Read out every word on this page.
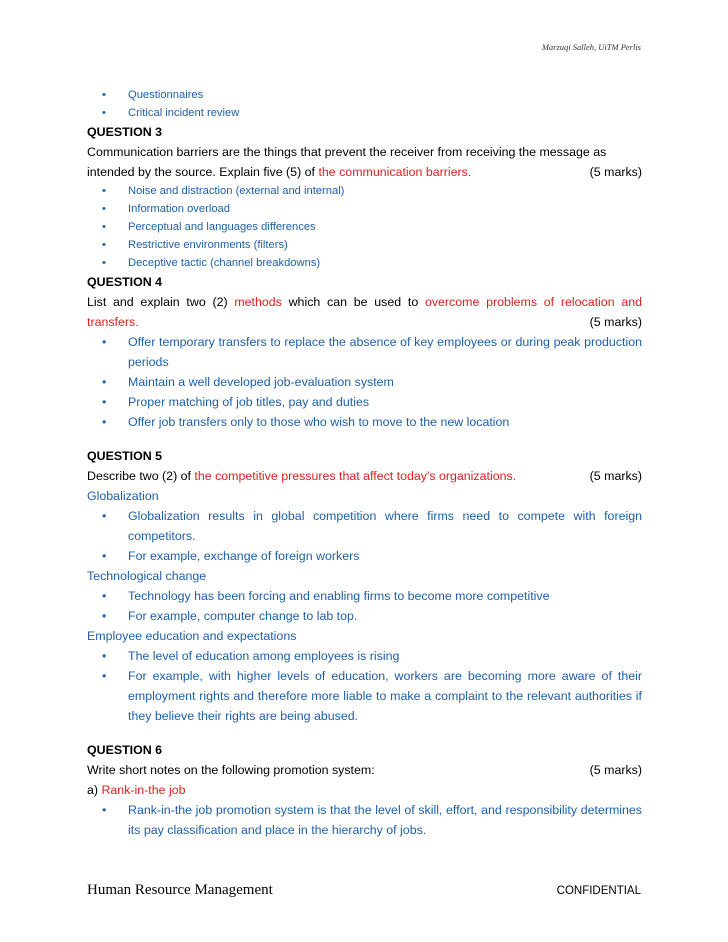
Marzuqi Salleh, UiTM Perlis
• Questionnaires
• Critical incident review

QUESTION 3

Communication barriers are the things that prevent the receiver from receiving the message as intended by the source. Explain five (5) of the communication barriers.	(5 marks)

• Noise and distraction (external and internal)
• Information overload
• Perceptual and languages differences
• Restrictive environments (filters)
• Deceptive tactic (channel breakdowns)

QUESTION 4

List and explain two (2) methods which can be used to overcome problems of relocation and transfers.	(5 marks)

• Offer temporary transfers to replace the absence of key employees or during peak production periods
• Maintain a well developed job-evaluation system
• Proper matching of job titles, pay and duties
• Offer job transfers only to those who wish to move to the new location

QUESTION 5

Describe two (2) of the competitive pressures that affect today's organizations.	(5 marks)

Globalization

• Globalization results in global competition where firms need to compete with foreign competitors.
• For example, exchange of foreign workers

Technological change

• Technology has been forcing and enabling firms to become more competitive
• For example, computer change to lab top.

Employee education and expectations

• The level of education among employees is rising
• For example, with higher levels of education, workers are becoming more aware of their employment rights and therefore more liable to make a complaint to the relevant authorities if they believe their rights are being abused.

QUESTION 6

Write short notes on the following promotion system:	(5 marks)

a) Rank-in-the job

• Rank-in-the job promotion system is that the level of skill, effort, and responsibility determines its pay classification and place in the hierarchy of jobs.
Human Resource Management	CONFIDENTIAL
